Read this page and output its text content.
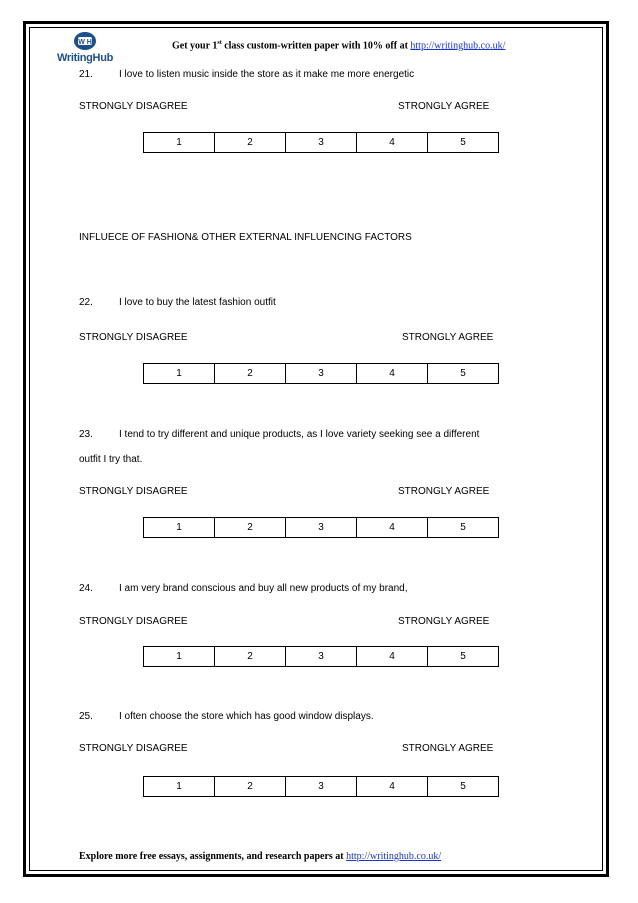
W H
WritingHub
Get your 1st class custom-written paper with 10% off at http://writinghub.co.uk/
21.	I love to listen music inside the store as it make me more energetic
STRONGLY DISAGREE	STRONGLY AGREE
1	2	3	4	5
INFLUECE OF FASHION& OTHER EXTERNAL INFLUENCING FACTORS
22.	I love to buy the latest fashion outfit
STRONGLY DISAGREE	STRONGLY AGREE
1	2	3	4	5
23.	I tend to try different and unique products, as I love variety seeking see a different
outfit I try that.
STRONGLY DISAGREE	STRONGLY AGREE
1	2	3	4	5
24.	I am very brand conscious and buy all new products of my brand,
STRONGLY DISAGREE	STRONGLY AGREE
1	2	3	4	5
25.	I often choose the store which has good window displays.
STRONGLY DISAGREE	STRONGLY AGREE
1	2	3	4	5
Explore more free essays, assignments, and research papers at http://writinghub.co.uk/
